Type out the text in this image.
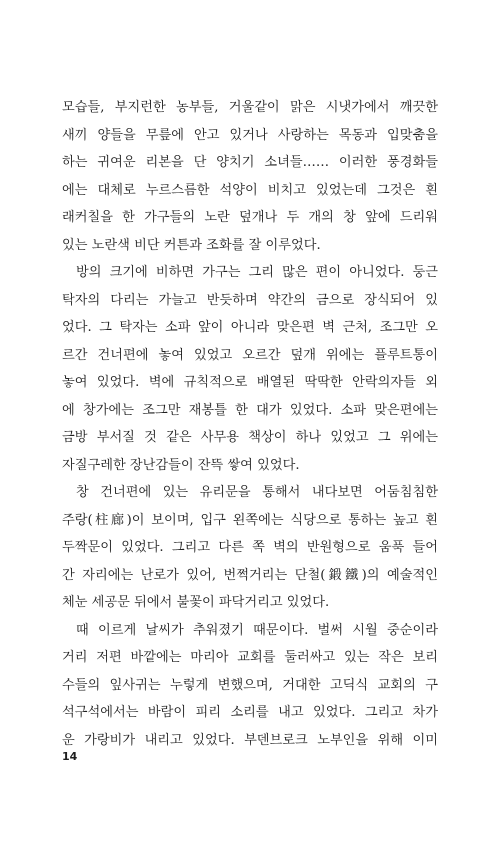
모습들, 부지런한 농부들, 거울같이 맑은 시냇가에서 깨끗한
새끼 양들을 무릎에 안고 있거나 사랑하는 목동과 입맞춤을
하는 귀여운 리본을 단 양치기 소녀들…… 이러한 풍경화들
에는 대체로 누르스름한 석양이 비치고 있었는데 그것은 흰
래커칠을 한 가구들의 노란 덮개나 두 개의 창 앞에 드리워
있는 노란색 비단 커튼과 조화를 잘 이루었다.
방의 크기에 비하면 가구는 그리 많은 편이 아니었다. 둥근
탁자의 다리는 가늘고 반듯하며 약간의 금으로 장식되어 있
었다. 그 탁자는 소파 앞이 아니라 맞은편 벽 근처, 조그만 오
르간 건너편에 놓여 있었고 오르간 덮개 위에는 플루트통이
놓여 있었다. 벽에 규칙적으로 배열된 딱딱한 안락의자들 외
에 창가에는 조그만 재봉틀 한 대가 있었다. 소파 맞은편에는
금방 부서질 것 같은 사무용 책상이 하나 있었고 그 위에는
자질구레한 장난감들이 잔뜩 쌓여 있었다.
창 건너편에 있는 유리문을 통해서 내다보면 어둠침침한
주랑(柱廊)이 보이며, 입구 왼쪽에는 식당으로 통하는 높고 흰
두짝문이 있었다. 그리고 다른 쪽 벽의 반원형으로 움푹 들어
간 자리에는 난로가 있어, 번쩍거리는 단철(鍛鐵)의 예술적인
체눈 세공문 뒤에서 불꽃이 파닥거리고 있었다.
때 이르게 날씨가 추워졌기 때문이다. 벌써 시월 중순이라
거리 저편 바깥에는 마리아 교회를 둘러싸고 있는 작은 보리
수들의 잎사귀는 누렇게 변했으며, 거대한 고딕식 교회의 구
석구석에서는 바람이 피리 소리를 내고 있었다. 그리고 차가
운 가랑비가 내리고 있었다. 부덴브로크 노부인을 위해 이미
14
